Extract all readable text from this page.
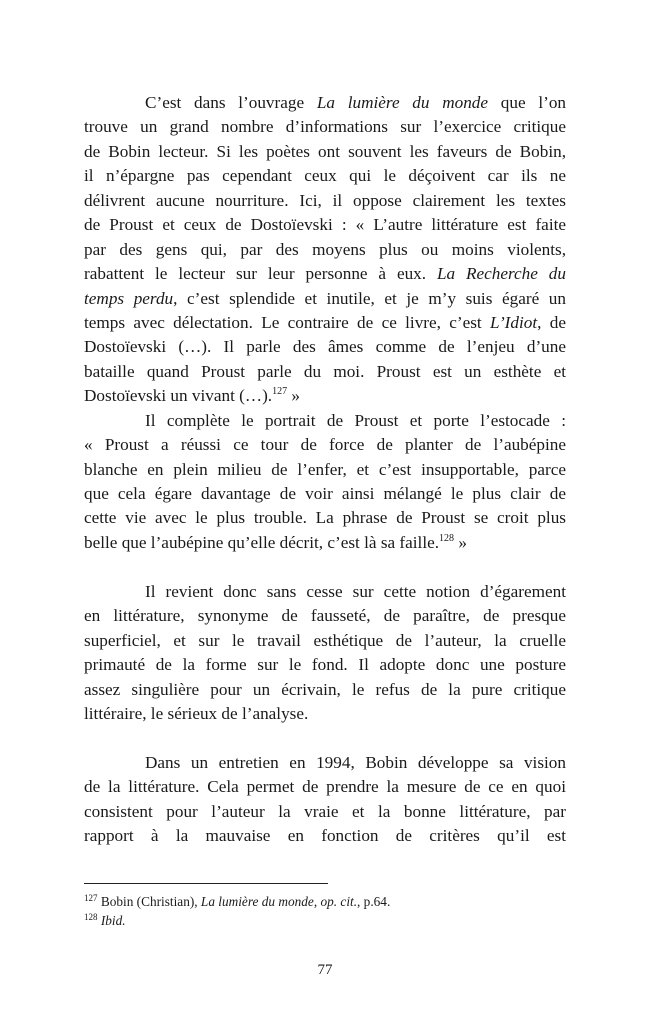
C’est dans l’ouvrage La lumière du monde que l’on
trouve un grand nombre d’informations sur l’exercice critique
de Bobin lecteur. Si les poètes ont souvent les faveurs de Bobin,
il n’épargne pas cependant ceux qui le déçoivent car ils ne
délivrent aucune nourriture. Ici, il oppose clairement les textes
de Proust et ceux de Dostoïevski : « L’autre littérature est faite
par des gens qui, par des moyens plus ou moins violents,
rabattent le lecteur sur leur personne à eux. La Recherche du
temps perdu, c’est splendide et inutile, et je m’y suis égaré un
temps avec délectation. Le contraire de ce livre, c’est L’Idiot, de
Dostoïevski (…). Il parle des âmes comme de l’enjeu d’une
bataille quand Proust parle du moi. Proust est un esthète et
Dostoïevski un vivant (…).$^{127}$ »
Il complète le portrait de Proust et porte l’estocade :
« Proust a réussi ce tour de force de planter de l’aubépine
blanche en plein milieu de l’enfer, et c’est insupportable, parce
que cela égare davantage de voir ainsi mélangé le plus clair de
cette vie avec le plus trouble. La phrase de Proust se croit plus
belle que l’aubépine qu’elle décrit, c’est là sa faille.$^{128}$ »

Il revient donc sans cesse sur cette notion d’égarement
en littérature, synonyme de fausseté, de paraître, de presque
superficiel, et sur le travail esthétique de l’auteur, la cruelle
primauté de la forme sur le fond. Il adopte donc une posture
assez singulière pour un écrivain, le refus de la pure critique
littéraire, le sérieux de l’analyse.

Dans un entretien en 1994, Bobin développe sa vision
de la littérature. Cela permet de prendre la mesure de ce en quoi
consistent pour l’auteur la vraie et la bonne littérature, par
rapport à la mauvaise en fonction de critères qu’il est
$^{127}$ Bobin (Christian), La lumière du monde, op. cit., p.64.
$^{128}$ Ibid.
77
